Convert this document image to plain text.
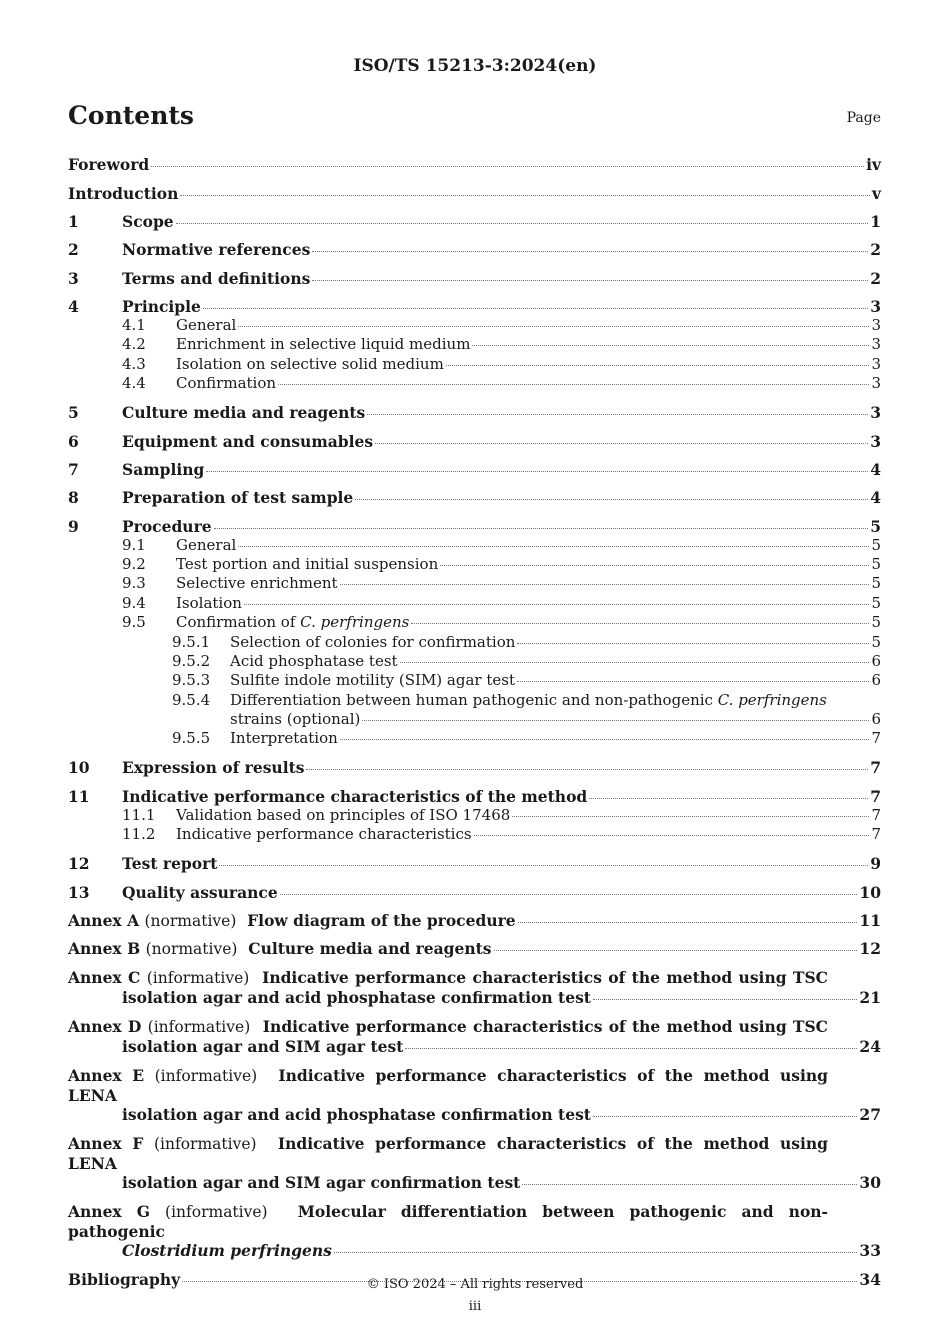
ISO/TS 15213-3:2024(en)
Contents	Page
Foreword	iv
Introduction	v
1	Scope	1
2	Normative references	2
3	Terms and definitions	2
4	Principle	3
4.1	General	3
4.2	Enrichment in selective liquid medium	3
4.3	Isolation on selective solid medium	3
4.4	Confirmation	3
5	Culture media and reagents	3
6	Equipment and consumables	3
7	Sampling	4
8	Preparation of test sample	4
9	Procedure	5
9.1	General	5
9.2	Test portion and initial suspension	5
9.3	Selective enrichment	5
9.4	Isolation	5
9.5	Confirmation of C. perfringens	5
9.5.1	Selection of colonies for confirmation	5
9.5.2	Acid phosphatase test	6
9.5.3	Sulfite indole motility (SIM) agar test	6
9.5.4	Differentiation between human pathogenic and non-pathogenic C. perfringens
strains (optional)	6
9.5.5	Interpretation	7
10	Expression of results	7
11	Indicative performance characteristics of the method	7
11.1	Validation based on principles of ISO 17468	7
11.2	Indicative performance characteristics	7
12	Test report	9
13	Quality assurance	10
Annex A (normative) Flow diagram of the procedure	11
Annex B (normative) Culture media and reagents	12
Annex C (informative) Indicative performance characteristics of the method using TSC
isolation agar and acid phosphatase confirmation test	21
Annex D (informative) Indicative performance characteristics of the method using TSC
isolation agar and SIM agar test	24
Annex E (informative) Indicative performance characteristics of the method using LENA
isolation agar and acid phosphatase confirmation test	27
Annex F (informative) Indicative performance characteristics of the method using LENA
isolation agar and SIM agar confirmation test	30
Annex G (informative) Molecular differentiation between pathogenic and non-pathogenic
Clostridium perfringens	33
Bibliography	34
© ISO 2024 – All rights reserved
iii
